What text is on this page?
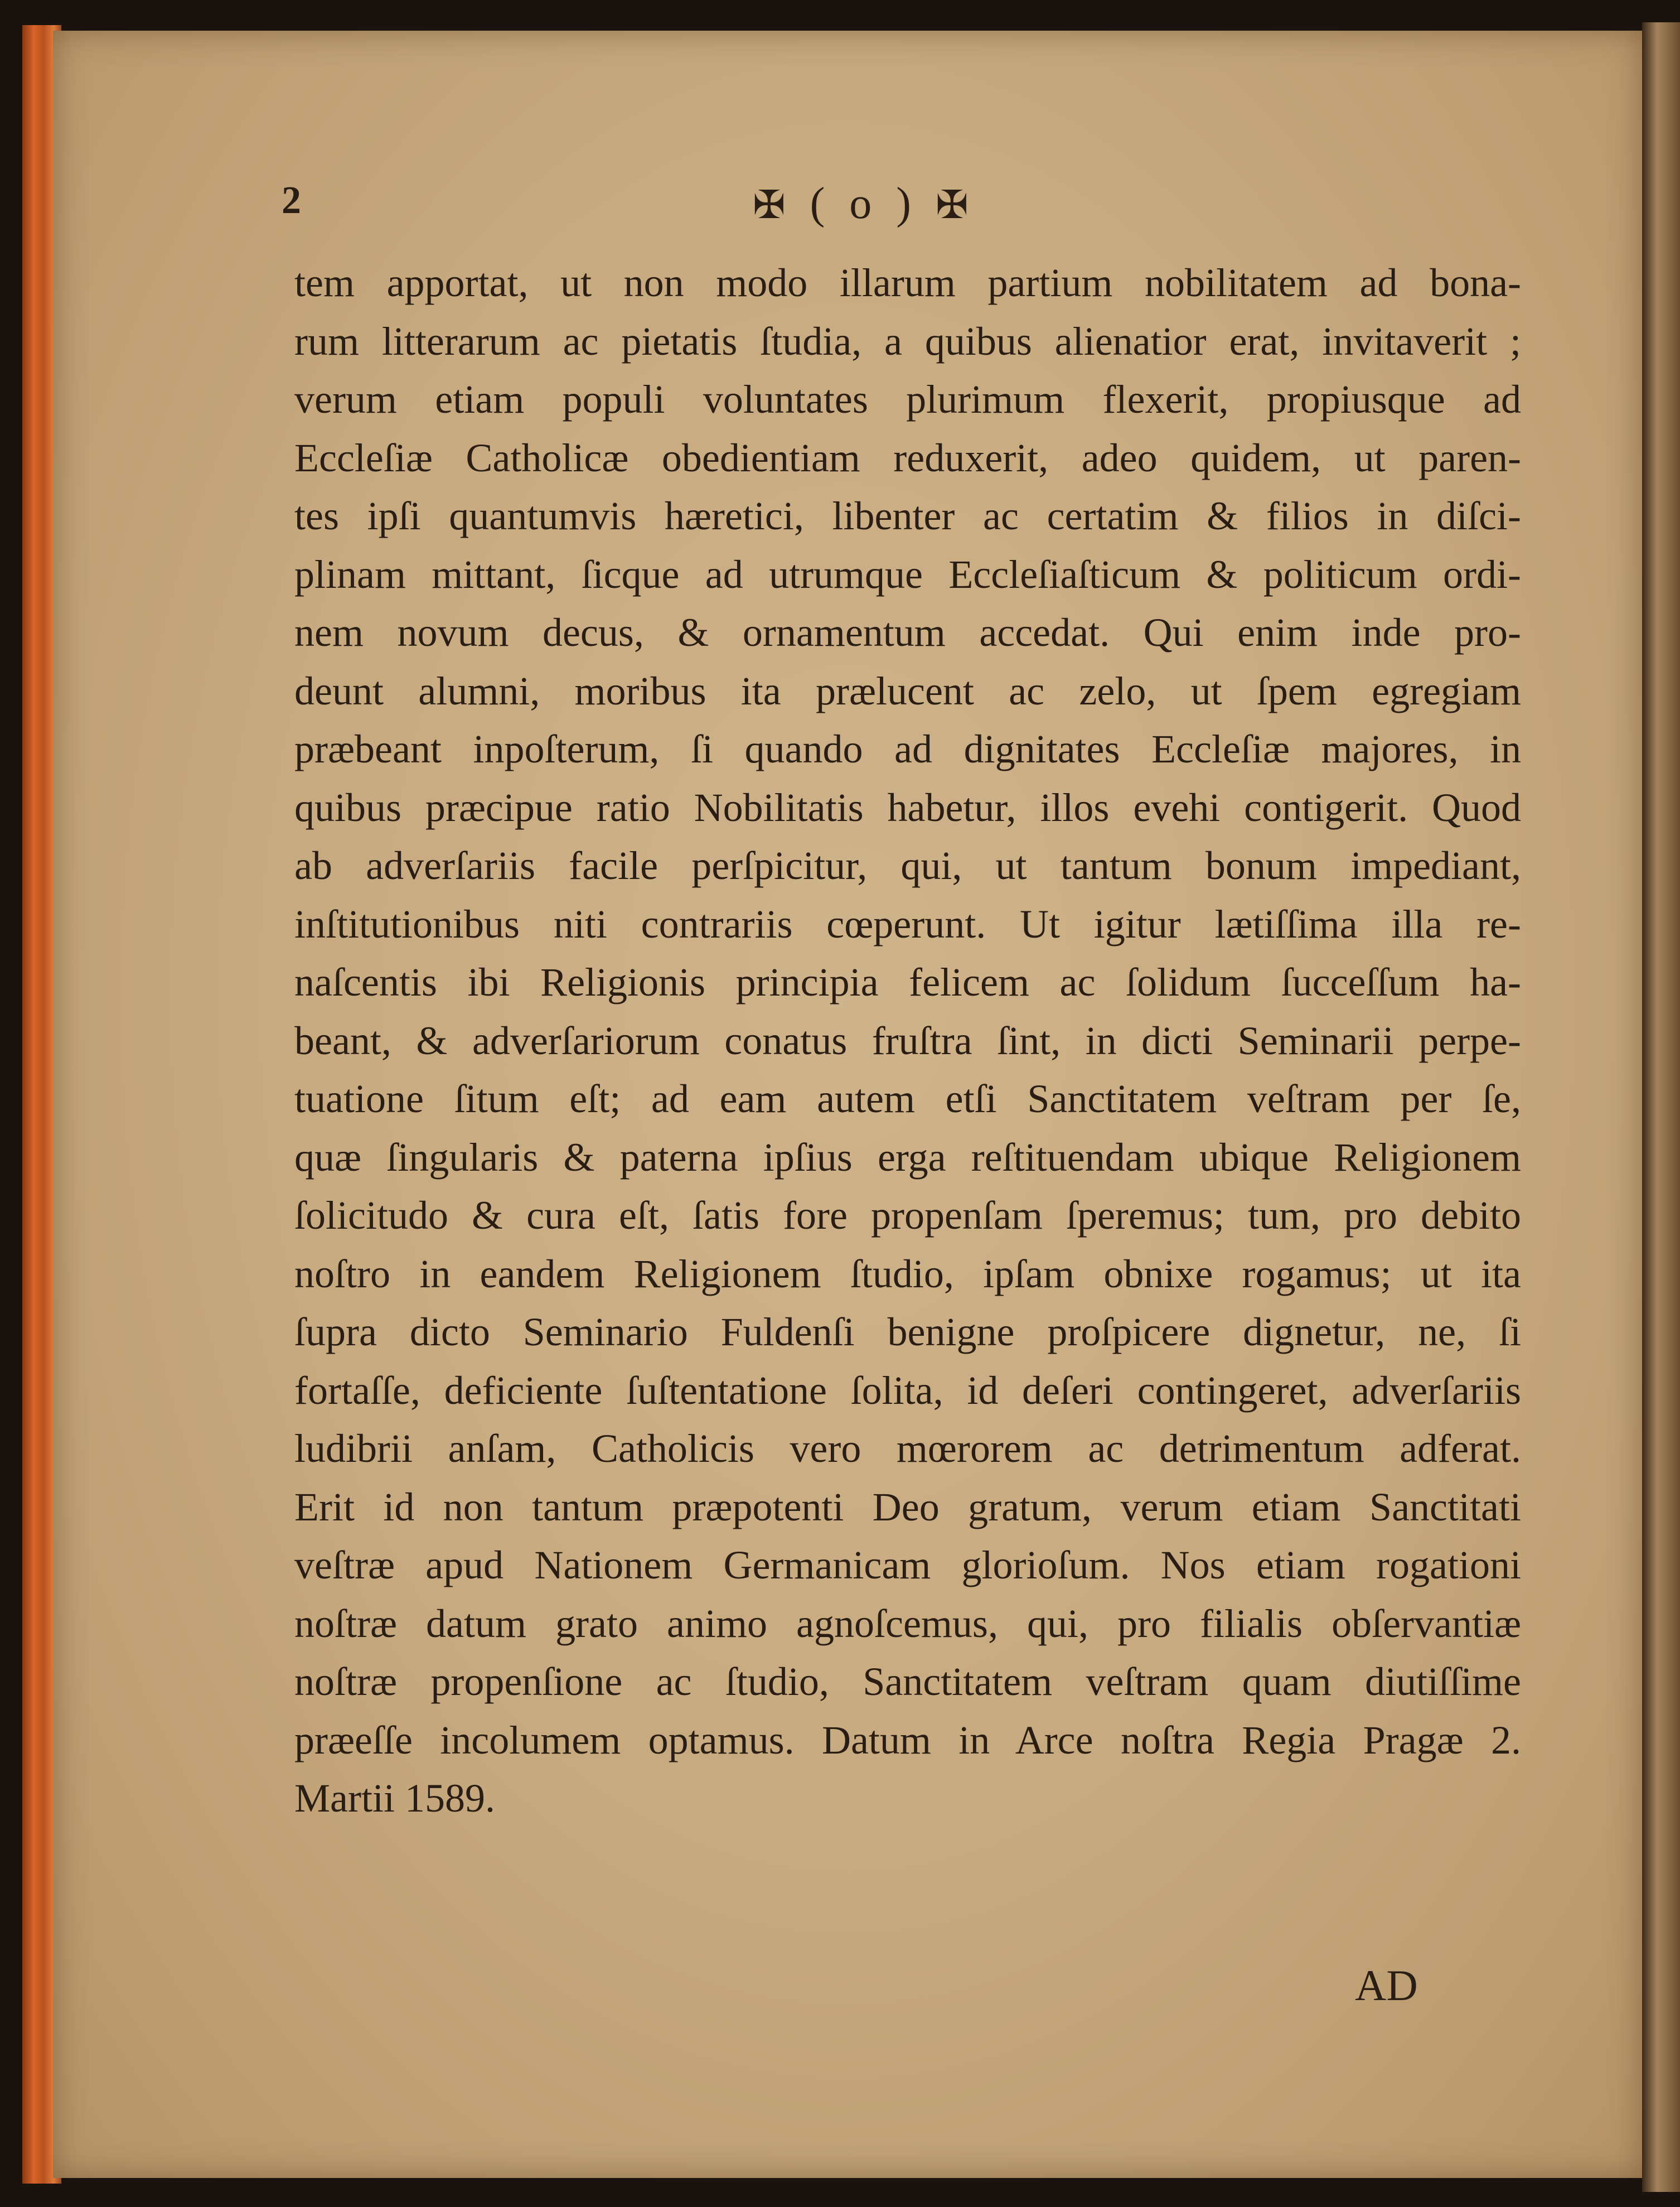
2	✠ ( o ) ✠
tem apportat, ut non modo illarum partium nobilitatem ad bona-
rum litterarum ac pietatis ſtudia, a quibus alienatior erat, invitaverit ;
verum etiam populi voluntates plurimum flexerit, propiusque ad
Eccleſiæ Catholicæ obedientiam reduxerit, adeo quidem, ut paren-
tes ipſi quantumvis hæretici, libenter ac certatim & filios in diſci-
plinam mittant, ſicque ad utrumque Eccleſiaſticum & politicum ordi-
nem novum decus, & ornamentum accedat. Qui enim inde pro-
deunt alumni, moribus ita prælucent ac zelo, ut ſpem egregiam
præbeant inpoſterum, ſi quando ad dignitates Eccleſiæ majores, in
quibus præcipue ratio Nobilitatis habetur, illos evehi contigerit. Quod
ab adverſariis facile perſpicitur, qui, ut tantum bonum impediant,
inſtitutionibus niti contrariis cœperunt. Ut igitur lætiſſima illa re-
naſcentis ibi Religionis principia felicem ac ſolidum ſucceſſum ha-
beant, & adverſariorum conatus fruſtra ſint, in dicti Seminarii perpe-
tuatione ſitum eſt; ad eam autem etſi Sanctitatem veſtram per ſe,
quæ ſingularis & paterna ipſius erga reſtituendam ubique Religionem
ſolicitudo & cura eſt, ſatis fore propenſam ſperemus; tum, pro debito
noſtro in eandem Religionem ſtudio, ipſam obnixe rogamus; ut ita
ſupra dicto Seminario Fuldenſi benigne proſpicere dignetur, ne, ſi
fortaſſe, deficiente ſuſtentatione ſolita, id deſeri contingeret, adverſariis
ludibrii anſam, Catholicis vero mœrorem ac detrimentum adferat.
Erit id non tantum præpotenti Deo gratum, verum etiam Sanctitati
veſtræ apud Nationem Germanicam glorioſum. Nos etiam rogationi
noſtræ datum grato animo agnoſcemus, qui, pro filialis obſervantiæ
noſtræ propenſione ac ſtudio, Sanctitatem veſtram quam diutiſſime
præeſſe incolumem optamus. Datum in Arce noſtra Regia Pragæ 2.
Martii 1589.
AD
